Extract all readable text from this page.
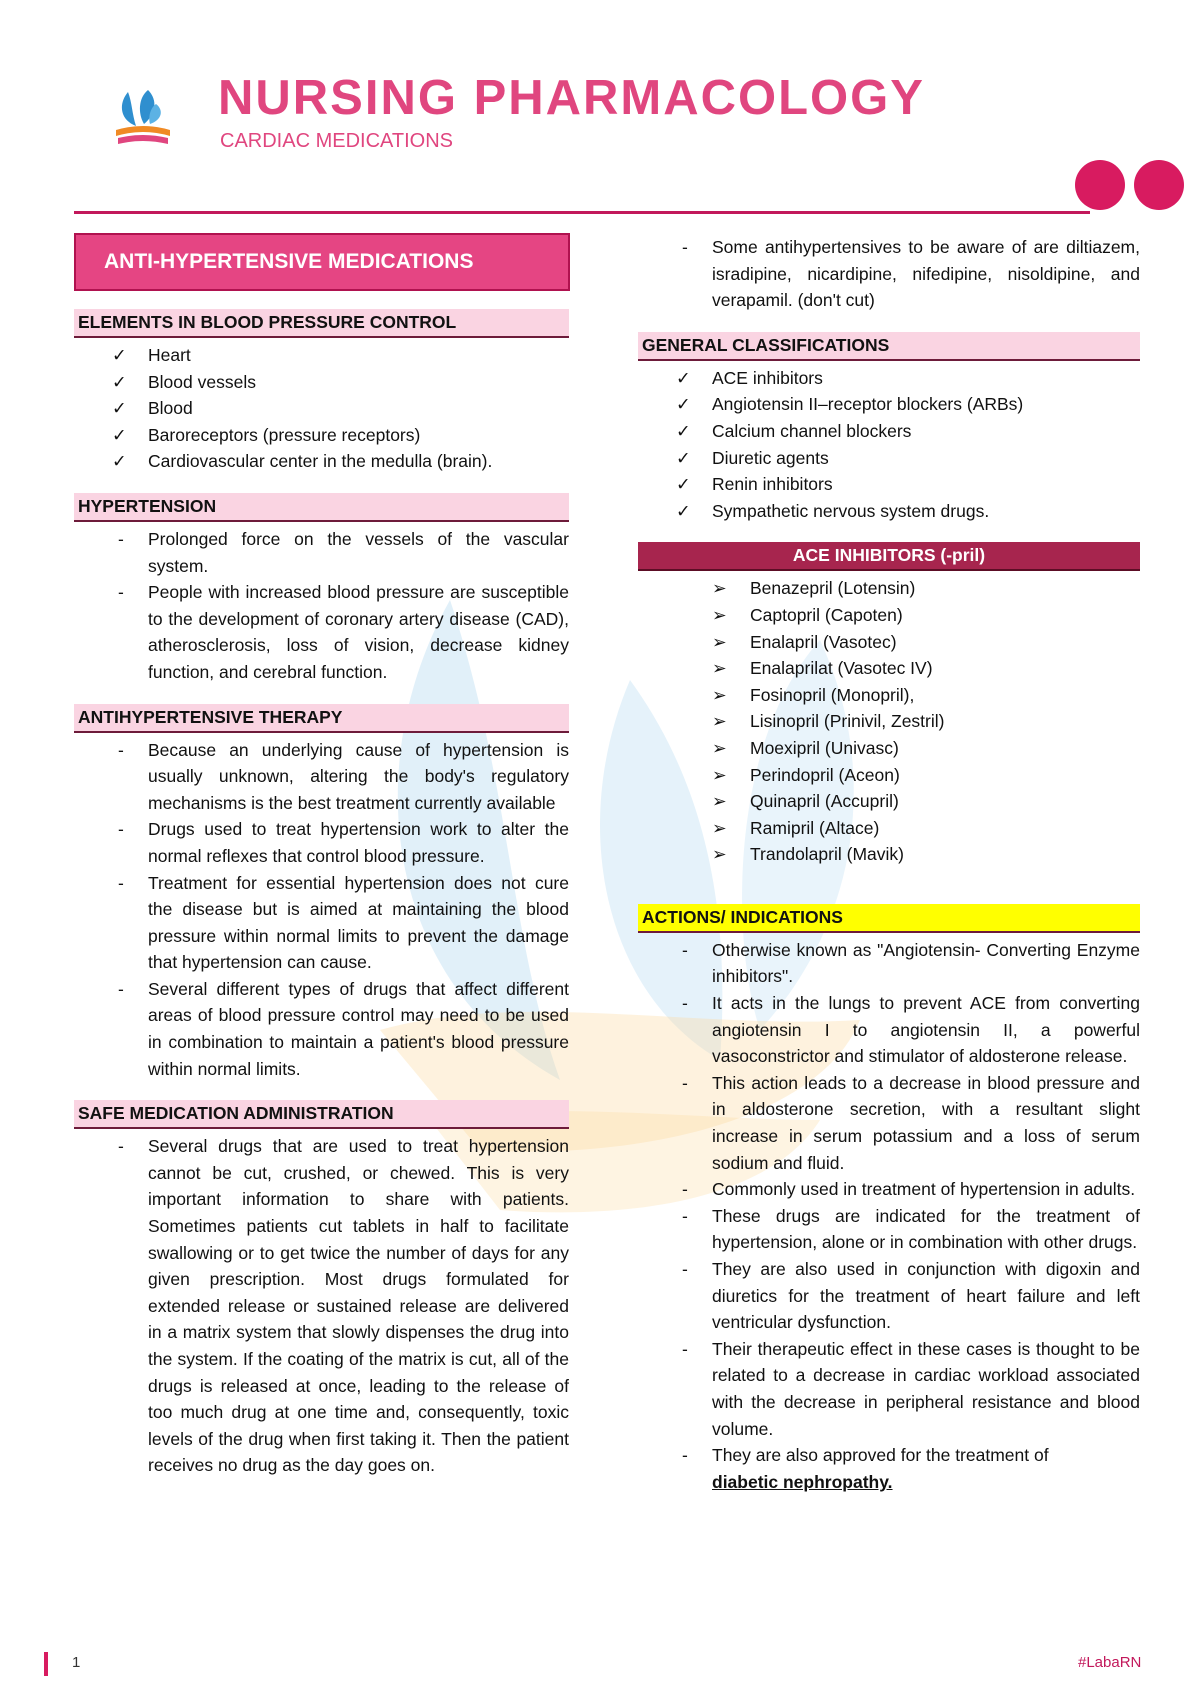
NURSING PHARMACOLOGY
CARDIAC MEDICATIONS
ANTI-HYPERTENSIVE MEDICATIONS
ELEMENTS IN BLOOD PRESSURE CONTROL
✓	Heart
✓	Blood vessels
✓	Blood
✓	Baroreceptors (pressure receptors)
✓	Cardiovascular center in the medulla (brain).
HYPERTENSION
-	Prolonged force on the vessels of the vascular system.
-	People with increased blood pressure are susceptible to the development of coronary artery disease (CAD), atherosclerosis, loss of vision, decrease kidney function, and cerebral function.
ANTIHYPERTENSIVE THERAPY
-	Because an underlying cause of hypertension is usually unknown, altering the body's regulatory mechanisms is the best treatment currently available
-	Drugs used to treat hypertension work to alter the normal reflexes that control blood pressure.
-	Treatment for essential hypertension does not cure the disease but is aimed at maintaining the blood pressure within normal limits to prevent the damage that hypertension can cause.
-	Several different types of drugs that affect different areas of blood pressure control may need to be used in combination to maintain a patient's blood pressure within normal limits.
SAFE MEDICATION ADMINISTRATION
-	Several drugs that are used to treat hypertension cannot be cut, crushed, or chewed. This is very important information to share with patients. Sometimes patients cut tablets in half to facilitate swallowing or to get twice the number of days for any given prescription. Most drugs formulated for extended release or sustained release are delivered in a matrix system that slowly dispenses the drug into the system. If the coating of the matrix is cut, all of the drugs is released at once, leading to the release of too much drug at one time and, consequently, toxic levels of the drug when first taking it. Then the patient receives no drug as the day goes on.
-	Some antihypertensives to be aware of are diltiazem, isradipine, nicardipine, nifedipine, nisoldipine, and verapamil. (don't cut)
GENERAL CLASSIFICATIONS
✓	ACE inhibitors
✓	Angiotensin II–receptor blockers (ARBs)
✓	Calcium channel blockers
✓	Diuretic agents
✓	Renin inhibitors
✓	Sympathetic nervous system drugs.
ACE INHIBITORS (-pril)
➢	Benazepril (Lotensin)
➢	Captopril (Capoten)
➢	Enalapril (Vasotec)
➢	Enalaprilat (Vasotec IV)
➢	Fosinopril (Monopril),
➢	Lisinopril (Prinivil, Zestril)
➢	Moexipril (Univasc)
➢	Perindopril (Aceon)
➢	Quinapril (Accupril)
➢	Ramipril (Altace)
➢	Trandolapril (Mavik)
ACTIONS/ INDICATIONS
-	Otherwise known as "Angiotensin- Converting Enzyme inhibitors".
-	It acts in the lungs to prevent ACE from converting angiotensin I to angiotensin II, a powerful vasoconstrictor and stimulator of aldosterone release.
-	This action leads to a decrease in blood pressure and in aldosterone secretion, with a resultant slight increase in serum potassium and a loss of serum sodium and fluid.
-	Commonly used in treatment of hypertension in adults.
-	These drugs are indicated for the treatment of hypertension, alone or in combination with other drugs.
-	They are also used in conjunction with digoxin and diuretics for the treatment of heart failure and left ventricular dysfunction.
-	Their therapeutic effect in these cases is thought to be related to a decrease in cardiac workload associated with the decrease in peripheral resistance and blood volume.
-	They are also approved for the treatment of
diabetic nephropathy.
1	#LabaRN
